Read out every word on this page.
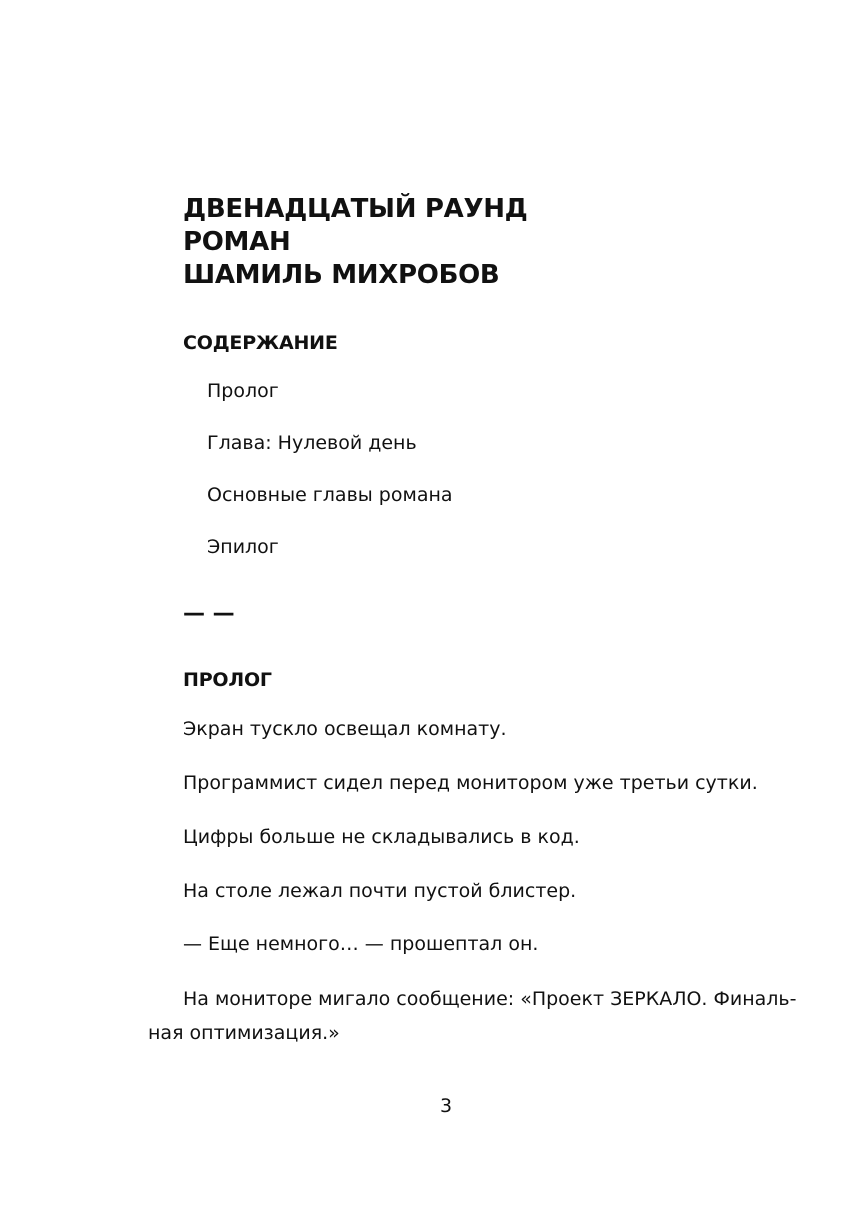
ДВЕНАДЦАТЫЙ РАУНД
РОМАН
ШАМИЛЬ МИХРОБОВ
СОДЕРЖАНИЕ
Пролог
Глава: Нулевой день
Основные главы романа
Эпилог
— —
ПРОЛОГ
Экран тускло освещал комнату.
Программист сидел перед монитором уже третьи сутки.
Цифры больше не складывались в код.
На столе лежал почти пустой блистер.
— Еще немного… — прошептал он.
На мониторе мигало сообщение: «Проект ЗЕРКАЛО. Финаль-
ная оптимизация.»
3
